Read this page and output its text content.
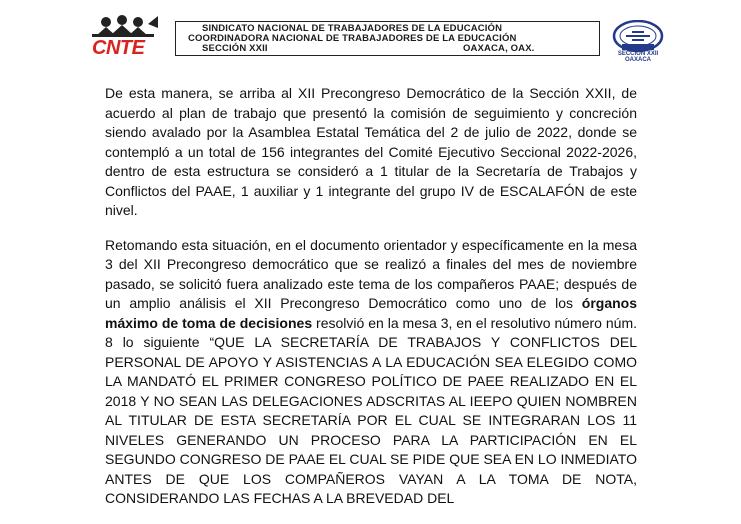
CNTE
SINDICATO NACIONAL DE TRABAJADORES DE LA EDUCACIÓN
COORDINADORA NACIONAL DE TRABAJADORES DE LA EDUCACIÓN
SECCIÓN XXII	OAXACA, OAX.	SECCION XXII
OAXACA

De esta manera, se arriba al XII Precongreso Democrático de la Sección XXII, de acuerdo al plan de trabajo que presentó la comisión de seguimiento y concreción siendo avalado por la Asamblea Estatal Temática del 2 de julio de 2022, donde se contempló a un total de 156 integrantes del Comité Ejecutivo Seccional 2022-2026, dentro de esta estructura se consideró a 1 titular de la Secretaría de Trabajos y Conflictos del PAAE, 1 auxiliar y 1 integrante del grupo IV de ESCALAFÓN de este nivel.

Retomando esta situación, en el documento orientador y específicamente en la mesa 3 del XII Precongreso democrático que se realizó a finales del mes de noviembre pasado, se solicitó fuera analizado este tema de los compañeros PAAE; después de un amplio análisis el XII Precongreso Democrático como uno de los órganos máximo de toma de decisiones resolvió en la mesa 3, en el resolutivo número núm. 8 lo siguiente “QUE LA SECRETARÍA DE TRABAJOS Y CONFLICTOS DEL PERSONAL DE APOYO Y ASISTENCIAS A LA EDUCACIÓN SEA ELEGIDO COMO LA MANDATÓ EL PRIMER CONGRESO POLÍTICO DE PAEE REALIZADO EN EL 2018 Y NO SEAN LAS DELEGACIONES ADSCRITAS AL IEEPO QUIEN NOMBREN AL TITULAR DE ESTA SECRETARÍA POR EL CUAL SE INTEGRARAN LOS 11 NIVELES GENERANDO UN PROCESO PARA LA PARTICIPACIÓN EN EL SEGUNDO CONGRESO DE PAAE EL CUAL SE PIDE QUE SEA EN LO INMEDIATO ANTES DE QUE LOS COMPAÑEROS VAYAN A LA TOMA DE NOTA, CONSIDERANDO LAS FECHAS A LA BREVEDAD DEL
